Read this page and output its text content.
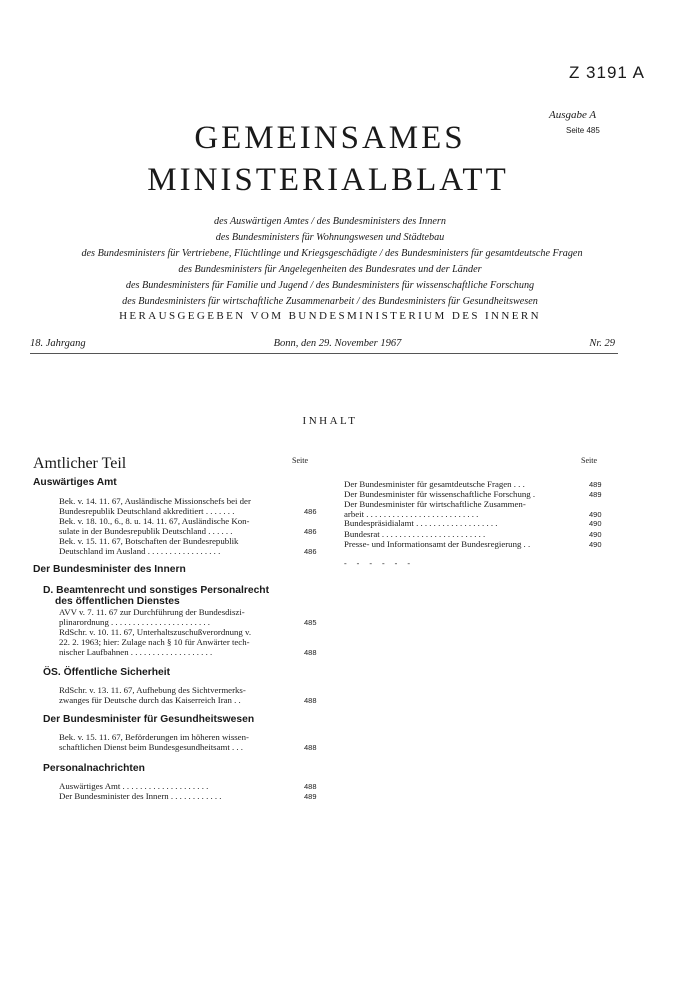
Z 3191 A
Ausgabe A
Seite 485
GEMEINSAMES
MINISTERIALBLATT
des Auswärtigen Amtes / des Bundesministers des Innern
des Bundesministers für Wohnungswesen und Städtebau
des Bundesministers für Vertriebene, Flüchtlinge und Kriegsgeschädigte / des Bundesministers für gesamtdeutsche Fragen
des Bundesministers für Angelegenheiten des Bundesrates und der Länder
des Bundesministers für Familie und Jugend / des Bundesministers für wissenschaftliche Forschung
des Bundesministers für wirtschaftliche Zusammenarbeit / des Bundesministers für Gesundheitswesen
HERAUSGEGEBEN VOM BUNDESMINISTERIUM DES INNERN
18. Jahrgang	Bonn, den 29. November 1967	Nr. 29
INHALT
Amtlicher Teil	Seite	Seite
Auswärtiges Amt
Bek. v. 14. 11. 67, Ausländische Missionschefs bei der
Bundesrepublik Deutschland akkreditiert . . . . . . .	486
Bek. v. 18. 10., 6., 8. u. 14. 11. 67, Ausländische Kon-
sulate in der Bundesrepublik Deutschland . . . . . .	486
Bek. v. 15. 11. 67, Botschaften der Bundesrepublik
Deutschland im Ausland . . . . . . . . . . . . . . . . .	486
Der Bundesminister des Innern
D. Beamtenrecht und sonstiges Personalrecht
des öffentlichen Dienstes
AVV v. 7. 11. 67 zur Durchführung der Bundesdiszi-
plinarordnung . . . . . . . . . . . . . . . . . . . . . . .	485
RdSchr. v. 10. 11. 67, Unterhaltszuschußverordnung v.
22. 2. 1963; hier: Zulage nach § 10 für Anwärter tech-
nischer Laufbahnen . . . . . . . . . . . . . . . . . . .	488
ÖS. Öffentliche Sicherheit
RdSchr. v. 13. 11. 67, Aufhebung des Sichtvermerks-
zwanges für Deutsche durch das Kaiserreich Iran . .	488
Der Bundesminister für Gesundheitswesen
Bek. v. 15. 11. 67, Beförderungen im höheren wissen-
schaftlichen Dienst beim Bundesgesundheitsamt . . .	488
Personalnachrichten
Auswärtiges Amt . . . . . . . . . . . . . . . . . . . .	488
Der Bundesminister des Innern . . . . . . . . . . . .	489
Der Bundesminister für gesamtdeutsche Fragen . . .	489
Der Bundesminister für wissenschaftliche Forschung .	489
Der Bundesminister für wirtschaftliche Zusammen-
arbeit . . . . . . . . . . . . . . . . . . . . . . . . . .	490
Bundespräsidialamt . . . . . . . . . . . . . . . . . . .	490
Bundesrat . . . . . . . . . . . . . . . . . . . . . . . .	490
Presse- und Informationsamt der Bundesregierung . .	490
- - - - - -
